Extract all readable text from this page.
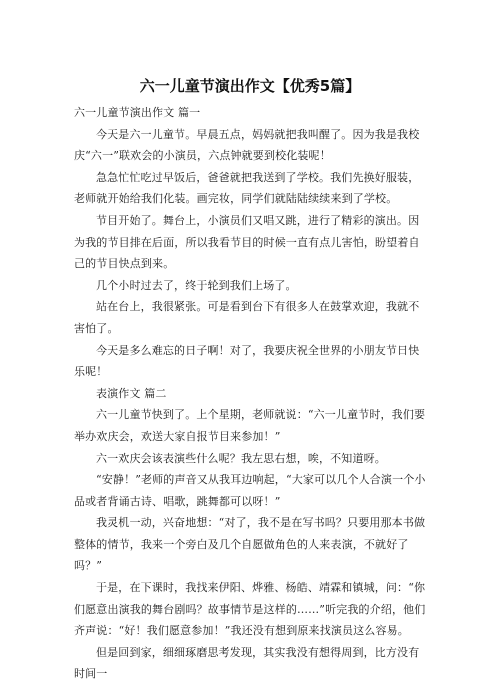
六一儿童节演出作文【优秀5篇】

六一儿童节演出作文 篇一

今天是六一儿童节。早晨五点，妈妈就把我叫醒了。因为我是我校庆“六一”联欢会的小演员，六点钟就要到校化装呢！

急急忙忙吃过早饭后，爸爸就把我送到了学校。我们先换好服装，老师就开始给我们化装。画完妆，同学们就陆陆续续来到了学校。

节目开始了。舞台上，小演员们又唱又跳，进行了精彩的演出。因为我的节目排在后面，所以我看节目的时候一直有点儿害怕，盼望着自己的节目快点到来。

几个小时过去了，终于轮到我们上场了。

站在台上，我很紧张。可是看到台下有很多人在鼓掌欢迎，我就不害怕了。

今天是多么难忘的日子啊！对了，我要庆祝全世界的小朋友节日快乐呢！

表演作文 篇二

六一儿童节快到了。上个星期，老师就说：“六一儿童节时，我们要举办欢庆会，欢送大家自报节目来参加！”

六一欢庆会该表演些什么呢？我左思右想，唉，不知道呀。

“安静！”老师的声音又从我耳边响起，“大家可以几个人合演一个小品或者背诵古诗、唱歌，跳舞都可以呀！”

我灵机一动，兴奋地想：“对了，我不是在写书吗？只要用那本书做整体的情节，我来一个旁白及几个自愿做角色的人来表演，不就好了吗？”

于是，在下课时，我找来伊阳、烨雅、杨皓、靖霖和镇城，问：“你们愿意出演我的舞台剧吗？故事情节是这样的……”听完我的介绍，他们齐声说：“好！我们愿意参加！”我还没有想到原来找演员这么容易。

但是回到家，细细琢磨思考发现，其实我没有想得周到，比方没有时间一
